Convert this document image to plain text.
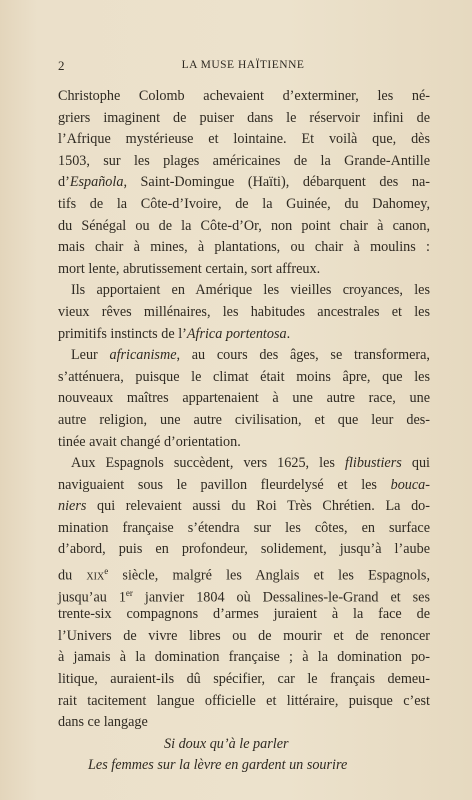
2	LA MUSE HAÏTIENNE
Christophe Colomb achevaient d’exterminer, les né-
griers imaginent de puiser dans le réservoir infini de
l’Afrique mystérieuse et lointaine. Et voilà que, dès
1503, sur les plages américaines de la Grande-Antille
d’Española, Saint-Domingue (Haïti), débarquent des na-
tifs de la Côte-d’Ivoire, de la Guinée, du Dahomey,
du Sénégal ou de la Côte-d’Or, non point chair à canon,
mais chair à mines, à plantations, ou chair à moulins :
mort lente, abrutissement certain, sort affreux.
Ils apportaient en Amérique les vieilles croyances, les
vieux rêves millénaires, les habitudes ancestrales et les
primitifs instincts de l’Africa portentosa.
Leur africanisme, au cours des âges, se transformera,
s’atténuera, puisque le climat était moins âpre, que les
nouveaux maîtres appartenaient à une autre race, une
autre religion, une autre civilisation, et que leur des-
tinée avait changé d’orientation.
Aux Espagnols succèdent, vers 1625, les flibustiers qui
naviguaient sous le pavillon fleurdelysé et les bouca-
niers qui relevaient aussi du Roi Très Chrétien. La do-
mination française s’étendra sur les côtes, en surface
d’abord, puis en profondeur, solidement, jusqu’à l’aube
du xix$^e$ siècle, malgré les Anglais et les Espagnols,
jusqu’au 1er janvier 1804 où Dessalines-le-Grand et ses
trente-six compagnons d’armes juraient à la face de
l’Univers de vivre libres ou de mourir et de renoncer
à jamais à la domination française ; à la domination po-
litique, auraient-ils dû spécifier, car le français demeu-
rait tacitement langue officielle et littéraire, puisque c’est
dans ce langage
Si doux qu’à le parler
Les femmes sur la lèvre en gardent un sourire
